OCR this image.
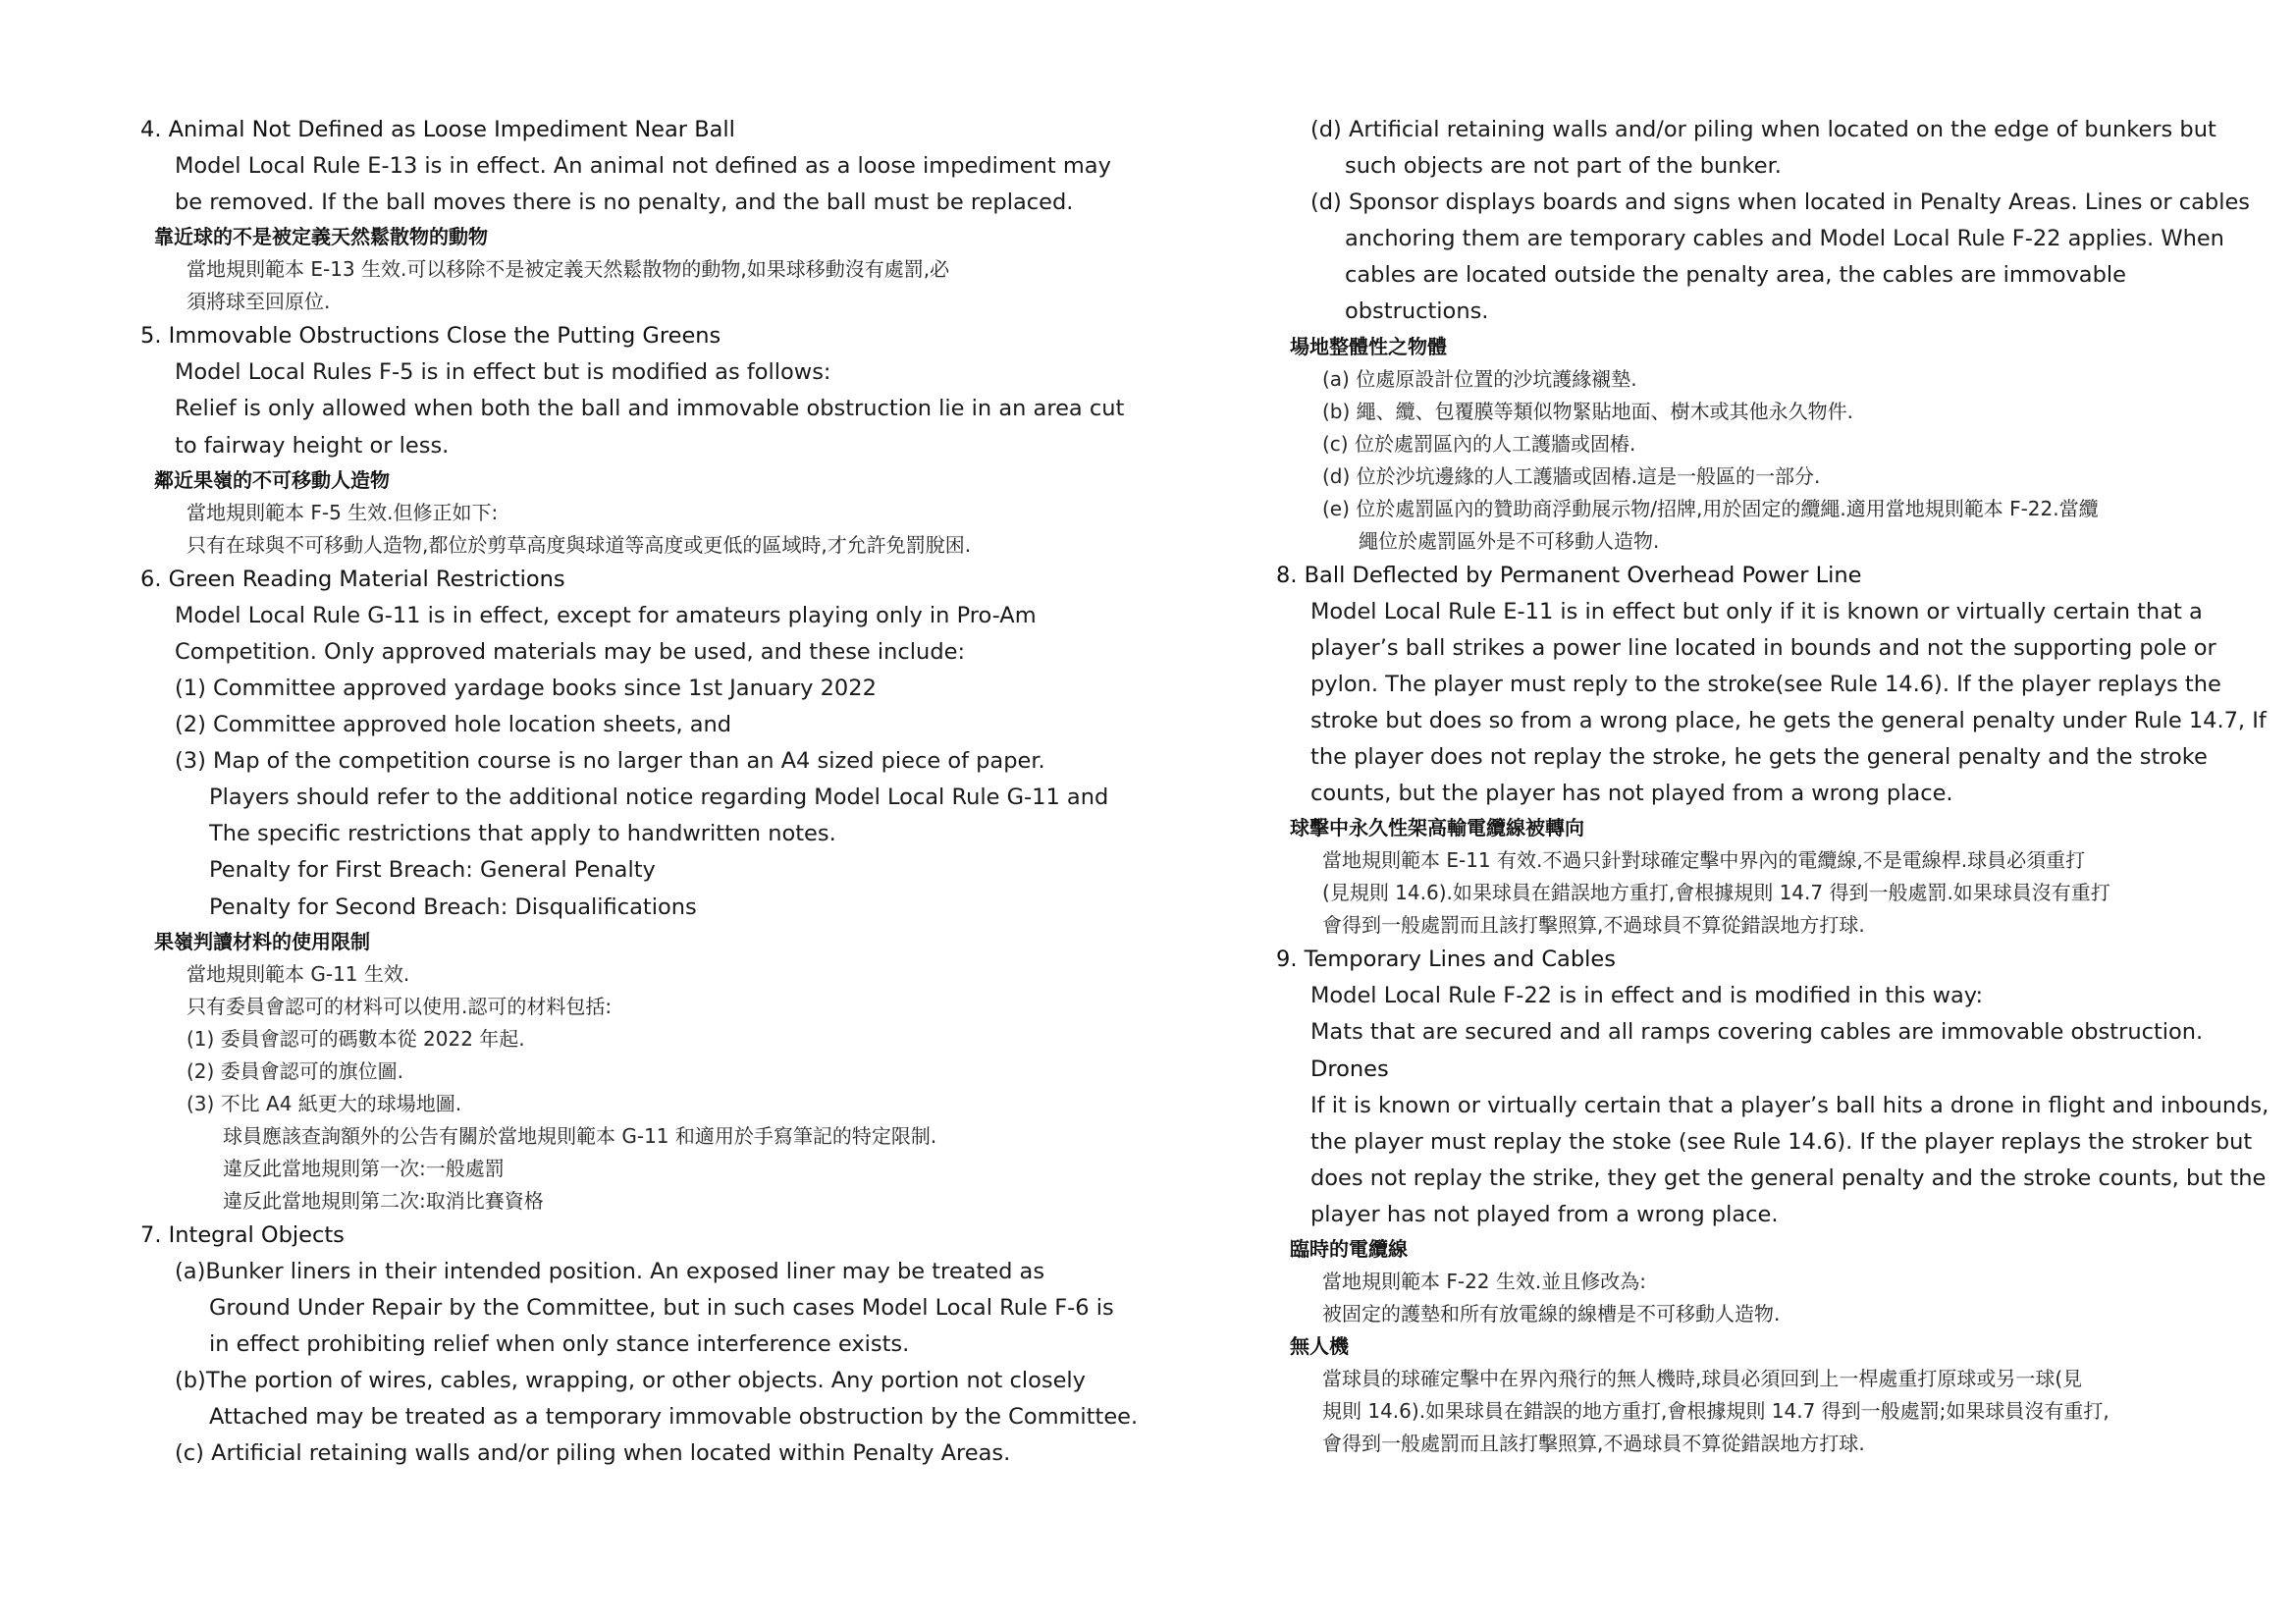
4. Animal Not Defined as Loose Impediment Near Ball
Model Local Rule E-13 is in effect. An animal not defined as a loose impediment may
be removed. If the ball moves there is no penalty, and the ball must be replaced.
靠近球的不是被定義天然鬆散物的動物
當地規則範本 E-13 生效.可以移除不是被定義天然鬆散物的動物,如果球移動沒有處罰,必
須將球至回原位.
5. Immovable Obstructions Close the Putting Greens
Model Local Rules F-5 is in effect but is modified as follows:
Relief is only allowed when both the ball and immovable obstruction lie in an area cut
to fairway height or less.
鄰近果嶺的不可移動人造物
當地規則範本 F-5 生效.但修正如下:
只有在球與不可移動人造物,都位於剪草高度與球道等高度或更低的區域時,才允許免罰脫困.
6. Green Reading Material Restrictions
Model Local Rule G-11 is in effect, except for amateurs playing only in Pro-Am
Competition. Only approved materials may be used, and these include:
(1) Committee approved yardage books since 1st January 2022
(2) Committee approved hole location sheets, and
(3) Map of the competition course is no larger than an A4 sized piece of paper.
Players should refer to the additional notice regarding Model Local Rule G-11 and
The specific restrictions that apply to handwritten notes.
Penalty for First Breach: General Penalty
Penalty for Second Breach: Disqualifications
果嶺判讀材料的使用限制
當地規則範本 G-11 生效.
只有委員會認可的材料可以使用.認可的材料包括:
(1) 委員會認可的碼數本從 2022 年起.
(2) 委員會認可的旗位圖.
(3) 不比 A4 紙更大的球場地圖.
球員應該查詢額外的公告有關於當地規則範本 G-11 和適用於手寫筆記的特定限制.
違反此當地規則第一次:一般處罰
違反此當地規則第二次:取消比賽資格
7. Integral Objects
(a)Bunker liners in their intended position. An exposed liner may be treated as
Ground Under Repair by the Committee, but in such cases Model Local Rule F-6 is
in effect prohibiting relief when only stance interference exists.
(b)The portion of wires, cables, wrapping, or other objects. Any portion not closely
Attached may be treated as a temporary immovable obstruction by the Committee.
(c) Artificial retaining walls and/or piling when located within Penalty Areas.
(d) Artificial retaining walls and/or piling when located on the edge of bunkers but
such objects are not part of the bunker.
(d) Sponsor displays boards and signs when located in Penalty Areas. Lines or cables
anchoring them are temporary cables and Model Local Rule F-22 applies. When
cables are located outside the penalty area, the cables are immovable
obstructions.
場地整體性之物體
(a) 位處原設計位置的沙坑護緣襯墊.
(b) 繩、纜、包覆膜等類似物緊貼地面、樹木或其他永久物件.
(c) 位於處罰區內的人工護牆或固樁.
(d) 位於沙坑邊緣的人工護牆或固樁.這是一般區的一部分.
(e) 位於處罰區內的贊助商浮動展示物/招牌,用於固定的纜繩.適用當地規則範本 F-22.當纜
繩位於處罰區外是不可移動人造物.
8. Ball Deflected by Permanent Overhead Power Line
Model Local Rule E-11 is in effect but only if it is known or virtually certain that a
player’s ball strikes a power line located in bounds and not the supporting pole or
pylon. The player must reply to the stroke(see Rule 14.6). If the player replays the
stroke but does so from a wrong place, he gets the general penalty under Rule 14.7, If
the player does not replay the stroke, he gets the general penalty and the stroke
counts, but the player has not played from a wrong place.
球擊中永久性架高輸電纜線被轉向
當地規則範本 E-11 有效.不過只針對球確定擊中界內的電纜線,不是電線桿.球員必須重打
(見規則 14.6).如果球員在錯誤地方重打,會根據規則 14.7 得到一般處罰.如果球員沒有重打
會得到一般處罰而且該打擊照算,不過球員不算從錯誤地方打球.
9. Temporary Lines and Cables
Model Local Rule F-22 is in effect and is modified in this way:
Mats that are secured and all ramps covering cables are immovable obstruction.
Drones
If it is known or virtually certain that a player’s ball hits a drone in flight and inbounds,
the player must replay the stoke (see Rule 14.6). If the player replays the stroker but
does not replay the strike, they get the general penalty and the stroke counts, but the
player has not played from a wrong place.
臨時的電纜線
當地規則範本 F-22 生效.並且修改為:
被固定的護墊和所有放電線的線槽是不可移動人造物.
無人機
當球員的球確定擊中在界內飛行的無人機時,球員必須回到上一桿處重打原球或另一球(見
規則 14.6).如果球員在錯誤的地方重打,會根據規則 14.7 得到一般處罰;如果球員沒有重打,
會得到一般處罰而且該打擊照算,不過球員不算從錯誤地方打球.
